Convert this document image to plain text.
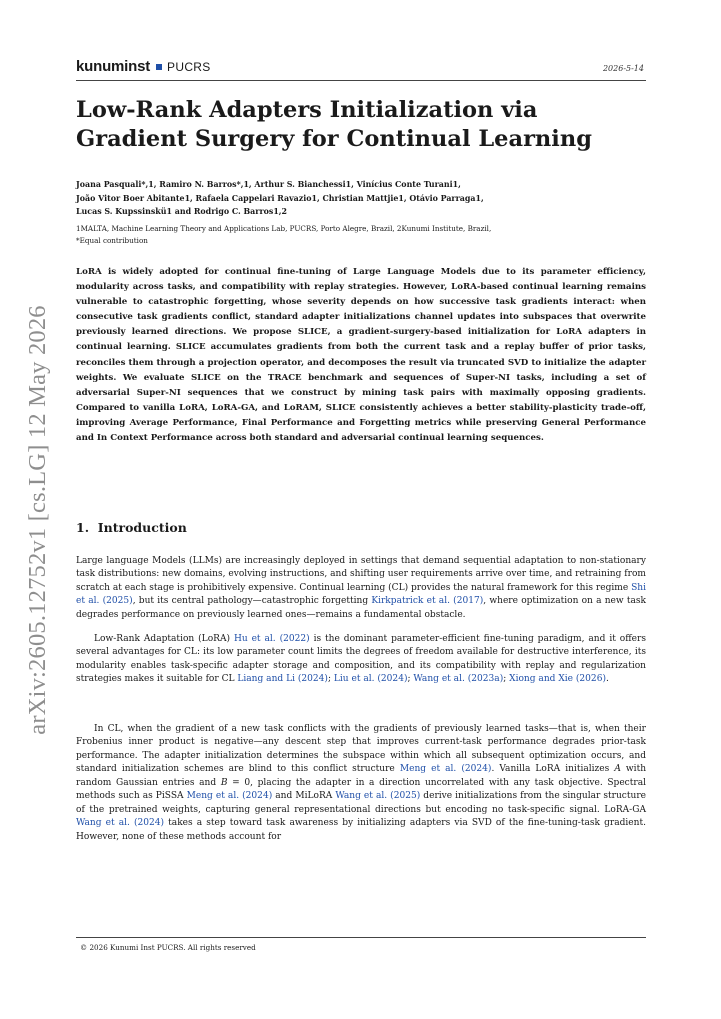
kunuminst PUCRS	2026-5-14
arXiv:2605.12752v1 [cs.LG] 12 May 2026
Low-Rank Adapters Initialization via Gradient Surgery for Continual Learning
Joana Pasquali*,1, Ramiro N. Barros*,1, Arthur S. Bianchessi1, Vinícius Conte Turani1,
João Vitor Boer Abitante1, Rafaela Cappelari Ravazio1, Christian Mattjie1, Otávio Parraga1,
Lucas S. Kupssinskü1 and Rodrigo C. Barros1,2
1MALTA, Machine Learning Theory and Applications Lab, PUCRS, Porto Alegre, Brazil, 2Kunumi Institute, Brazil,
*Equal contribution

LoRA is widely adopted for continual fine-tuning of Large Language Models due to its parameter efficiency, modularity across tasks, and compatibility with replay strategies. However, LoRA-based continual learning remains vulnerable to catastrophic forgetting, whose severity depends on how successive task gradients interact: when consecutive task gradients conflict, standard adapter initializations channel updates into subspaces that overwrite previously learned directions. We propose SLICE, a gradient-surgery-based initialization for LoRA adapters in continual learning. SLICE accumulates gradients from both the current task and a replay buffer of prior tasks, reconciles them through a projection operator, and decomposes the result via truncated SVD to initialize the adapter weights. We evaluate SLICE on the TRACE benchmark and sequences of Super-NI tasks, including a set of adversarial Super-NI sequences that we construct by mining task pairs with maximally opposing gradients. Compared to vanilla LoRA, LoRA-GA, and LoRAM, SLICE consistently achieves a better stability-plasticity trade-off, improving Average Performance, Final Performance and Forgetting metrics while preserving General Performance and In Context Performance across both standard and adversarial continual learning sequences.

1. Introduction

Large language Models (LLMs) are increasingly deployed in settings that demand sequential adaptation to non-stationary task distributions: new domains, evolving instructions, and shifting user requirements arrive over time, and retraining from scratch at each stage is prohibitively expensive. Continual learning (CL) provides the natural framework for this regime Shi et al. (2025), but its central pathology—catastrophic forgetting Kirkpatrick et al. (2017), where optimization on a new task degrades performance on previously learned ones—remains a fundamental obstacle.

Low-Rank Adaptation (LoRA) Hu et al. (2022) is the dominant parameter-efficient fine-tuning paradigm, and it offers several advantages for CL: its low parameter count limits the degrees of freedom available for destructive interference, its modularity enables task-specific adapter storage and composition, and its compatibility with replay and regularization strategies makes it suitable for CL Liang and Li (2024); Liu et al. (2024); Wang et al. (2023a); Xiong and Xie (2026).

In CL, when the gradient of a new task conflicts with the gradients of previously learned tasks—that is, when their Frobenius inner product is negative—any descent step that improves current-task performance degrades prior-task performance. The adapter initialization determines the subspace within which all subsequent optimization occurs, and standard initialization schemes are blind to this conflict structure Meng et al. (2024). Vanilla LoRA initializes A with random Gaussian entries and B = 0, placing the adapter in a direction uncorrelated with any task objective. Spectral methods such as PiSSA Meng et al. (2024) and MiLoRA Wang et al. (2025) derive initializations from the singular structure of the pretrained weights, capturing general representational directions but encoding no task-specific signal. LoRA-GA Wang et al. (2024) takes a step toward task awareness by initializing adapters via SVD of the fine-tuning-task gradient. However, none of these methods account for

© 2026 Kunumi Inst PUCRS. All rights reserved
